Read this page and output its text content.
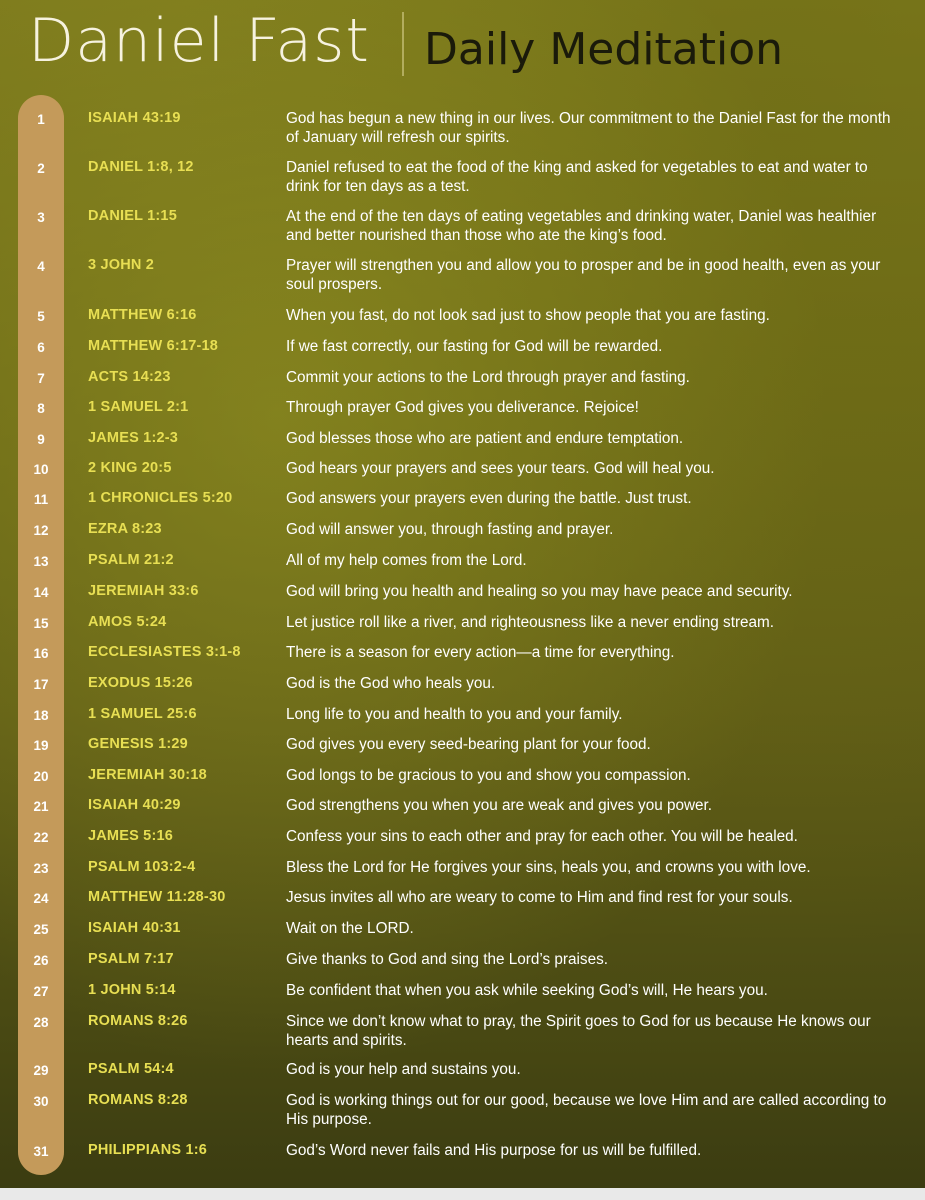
Daniel Fast Daily Meditation
1	ISAIAH 43:19	God has begun a new thing in our lives. Our commitment to the Daniel Fast for the month of January will refresh our spirits.
2	DANIEL 1:8, 12	Daniel refused to eat the food of the king and asked for vegetables to eat and water to drink for ten days as a test.
3	DANIEL 1:15	At the end of the ten days of eating vegetables and drinking water, Daniel was healthier and better nourished than those who ate the king’s food.
4	3 JOHN 2	Prayer will strengthen you and allow you to prosper and be in good health, even as your soul prospers.
5	MATTHEW 6:16	When you fast, do not look sad just to show people that you are fasting.
6	MATTHEW 6:17-18	If we fast correctly, our fasting for God will be rewarded.
7	ACTS 14:23	Commit your actions to the Lord through prayer and fasting.
8	1 SAMUEL 2:1	Through prayer God gives you deliverance. Rejoice!
9	JAMES 1:2-3	God blesses those who are patient and endure temptation.
10	2 KING 20:5	God hears your prayers and sees your tears. God will heal you.
11	1 CHRONICLES 5:20	God answers your prayers even during the battle. Just trust.
12	EZRA 8:23	God will answer you, through fasting and prayer.
13	PSALM 21:2	All of my help comes from the Lord.
14	JEREMIAH 33:6	God will bring you health and healing so you may have peace and security.
15	AMOS 5:24	Let justice roll like a river, and righteousness like a never ending stream.
16	ECCLESIASTES 3:1-8	There is a season for every action—a time for everything.
17	EXODUS 15:26	God is the God who heals you.
18	1 SAMUEL 25:6	Long life to you and health to you and your family.
19	GENESIS 1:29	God gives you every seed-bearing plant for your food.
20	JEREMIAH 30:18	God longs to be gracious to you and show you compassion.
21	ISAIAH 40:29	God strengthens you when you are weak and gives you power.
22	JAMES 5:16	Confess your sins to each other and pray for each other. You will be healed.
23	PSALM 103:2-4	Bless the Lord for He forgives your sins, heals you, and crowns you with love.
24	MATTHEW 11:28-30	Jesus invites all who are weary to come to Him and find rest for your souls.
25	ISAIAH 40:31	Wait on the LORD.
26	PSALM 7:17	Give thanks to God and sing the Lord’s praises.
27	1 JOHN 5:14	Be confident that when you ask while seeking God’s will, He hears you.
28	ROMANS 8:26	Since we don’t know what to pray, the Spirit goes to God for us because He knows our hearts and spirits.
29	PSALM 54:4	God is your help and sustains you.
30	ROMANS 8:28	God is working things out for our good, because we love Him and are called according to His purpose.
31	PHILIPPIANS 1:6	God’s Word never fails and His purpose for us will be fulfilled.
